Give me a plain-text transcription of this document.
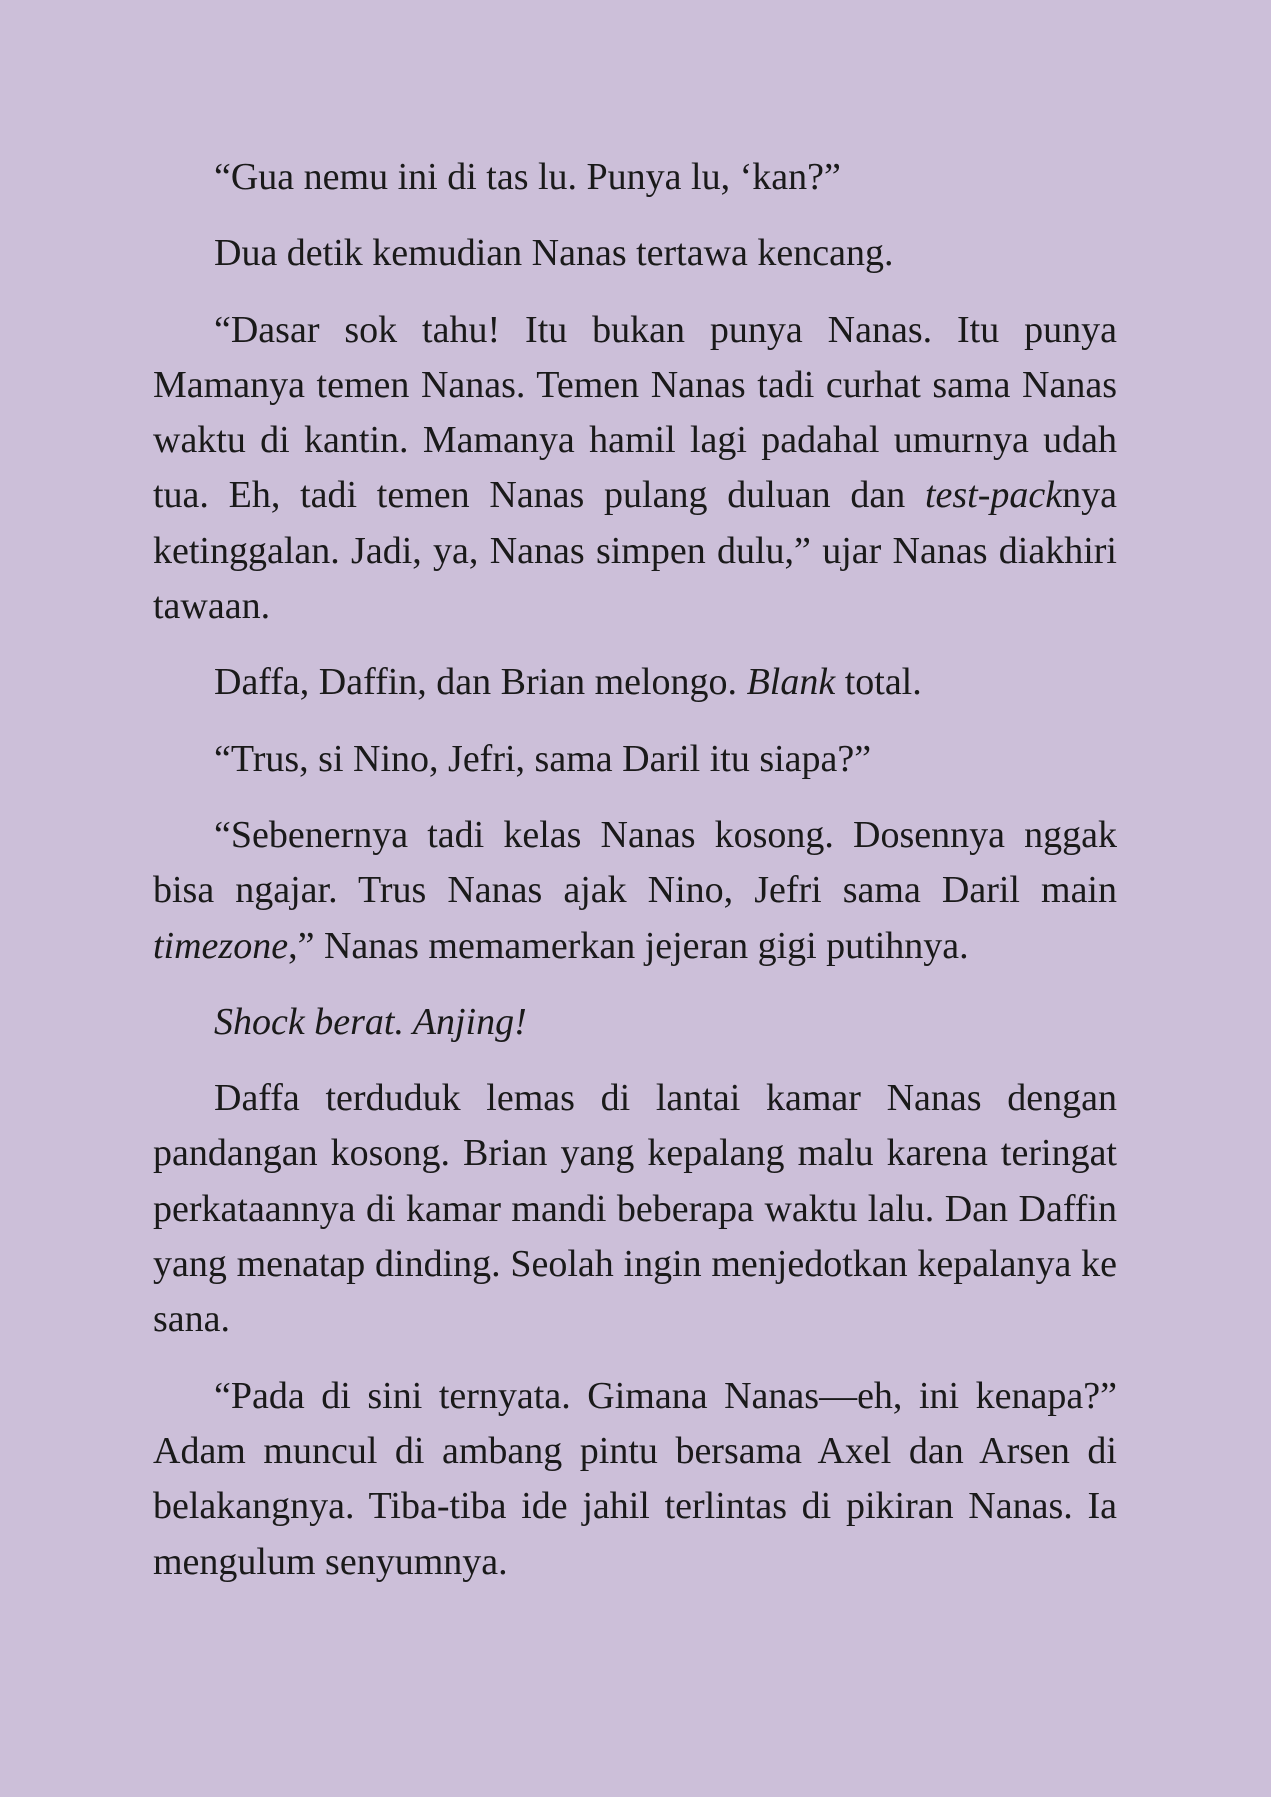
“Gua nemu ini di tas lu. Punya lu, ‘kan?”

Dua detik kemudian Nanas tertawa kencang.

“Dasar sok tahu! Itu bukan punya Nanas. Itu punya Mamanya temen Nanas. Temen Nanas tadi curhat sama Nanas waktu di kantin. Mamanya hamil lagi padahal umurnya udah tua. Eh, tadi temen Nanas pulang duluan dan test-packnya ketinggalan. Jadi, ya, Nanas simpen dulu,” ujar Nanas diakhiri tawaan.

Daffa, Daffin, dan Brian melongo. Blank total.

“Trus, si Nino, Jefri, sama Daril itu siapa?”

“Sebenernya tadi kelas Nanas kosong. Dosennya nggak bisa ngajar. Trus Nanas ajak Nino, Jefri sama Daril main timezone,” Nanas memamerkan jejeran gigi putihnya.

Shock berat. Anjing!

Daffa terduduk lemas di lantai kamar Nanas dengan pandangan kosong. Brian yang kepalang malu karena teringat perkataannya di kamar mandi beberapa waktu lalu. Dan Daffin yang menatap dinding. Seolah ingin menjedotkan kepalanya ke sana.

“Pada di sini ternyata. Gimana Nanas—eh, ini kenapa?” Adam muncul di ambang pintu bersama Axel dan Arsen di belakangnya. Tiba-tiba ide jahil terlintas di pikiran Nanas. Ia mengulum senyumnya.
